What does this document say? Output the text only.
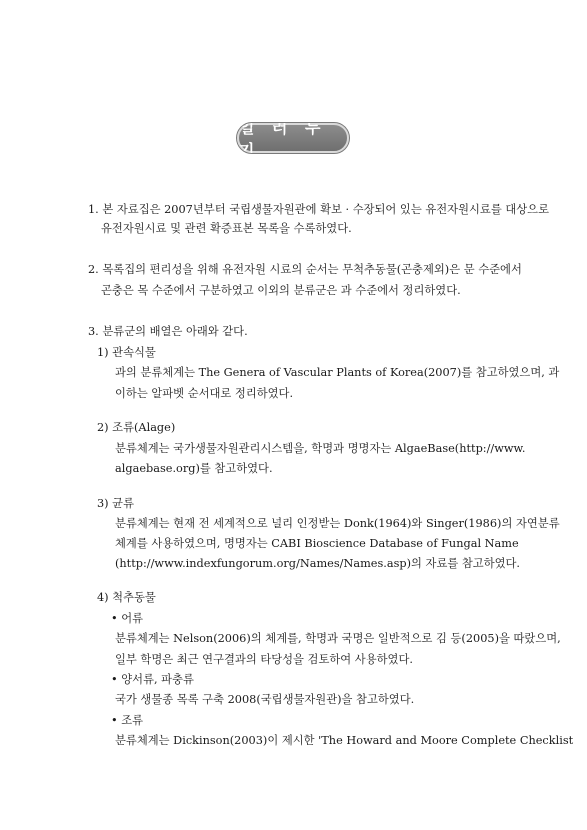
일 러 두 기
1. 본 자료집은 2007년부터 국립생물자원관에 확보 · 수장되어 있는 유전자원시료를 대상으로
유전자원시료 및 관련 확증표본 목록을 수록하였다.
2. 목록집의 편리성을 위해 유전자원 시료의 순서는 무척추동물(곤충제외)은 문 수준에서
곤충은 목 수준에서 구분하였고 이외의 분류군은 과 수준에서 정리하였다.
3. 분류군의 배열은 아래와 같다.
1) 관속식물
과의 분류체계는 The Genera of Vascular Plants of Korea(2007)를 참고하였으며, 과
이하는 알파벳 순서대로 정리하였다.
2) 조류(Alage)
분류체계는 국가생물자원관리시스템을, 학명과 명명자는 AlgaeBase(http://www.
algaebase.org)를 참고하였다.
3) 균류
분류체계는 현재 전 세계적으로 널리 인정받는 Donk(1964)와 Singer(1986)의 자연분류
체계를 사용하였으며, 명명자는 CABI Bioscience Database of Fungal Name
(http://www.indexfungorum.org/Names/Names.asp)의 자료를 참고하였다.
4) 척추동물
• 어류
분류체계는 Nelson(2006)의 체계를, 학명과 국명은 일반적으로 김 등(2005)을 따랐으며,
일부 학명은 최근 연구결과의 타당성을 검토하여 사용하였다.
• 양서류, 파충류
국가 생물종 목록 구축 2008(국립생물자원관)을 참고하였다.
• 조류
분류체계는 Dickinson(2003)이 제시한 'The Howard and Moore Complete Checklist
